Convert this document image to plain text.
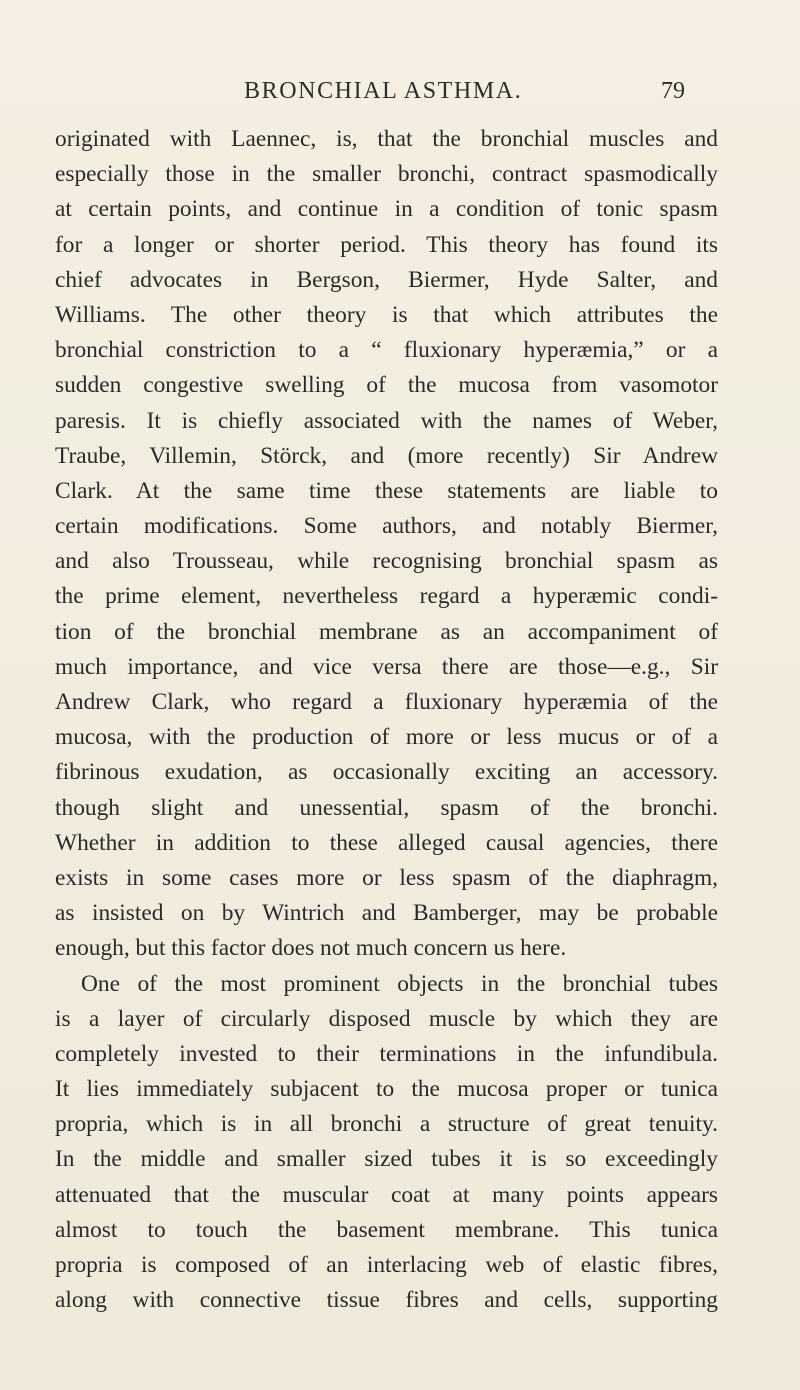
BRONCHIAL ASTHMA.	79
originated with Laennec, is, that the bronchial muscles and
especially those in the smaller bronchi, contract spasmodically
at certain points, and continue in a condition of tonic spasm
for a longer or shorter period. This theory has found its
chief advocates in Bergson, Biermer, Hyde Salter, and
Williams. The other theory is that which attributes the
bronchial constriction to a “ fluxionary hyperæmia,” or a
sudden congestive swelling of the mucosa from vasomotor
paresis. It is chiefly associated with the names of Weber,
Traube, Villemin, Störck, and (more recently) Sir Andrew
Clark. At the same time these statements are liable to
certain modifications. Some authors, and notably Biermer,
and also Trousseau, while recognising bronchial spasm as
the prime element, nevertheless regard a hyperæmic condi-
tion of the bronchial membrane as an accompaniment of
much importance, and vice versa there are those—e.g., Sir
Andrew Clark, who regard a fluxionary hyperæmia of the
mucosa, with the production of more or less mucus or of a
fibrinous exudation, as occasionally exciting an accessory.
though slight and unessential, spasm of the bronchi.
Whether in addition to these alleged causal agencies, there
exists in some cases more or less spasm of the diaphragm,
as insisted on by Wintrich and Bamberger, may be probable
enough, but this factor does not much concern us here.
One of the most prominent objects in the bronchial tubes
is a layer of circularly disposed muscle by which they are
completely invested to their terminations in the infundibula.
It lies immediately subjacent to the mucosa proper or tunica
propria, which is in all bronchi a structure of great tenuity.
In the middle and smaller sized tubes it is so exceedingly
attenuated that the muscular coat at many points appears
almost to touch the basement membrane. This tunica
propria is composed of an interlacing web of elastic fibres,
along with connective tissue fibres and cells, supporting
